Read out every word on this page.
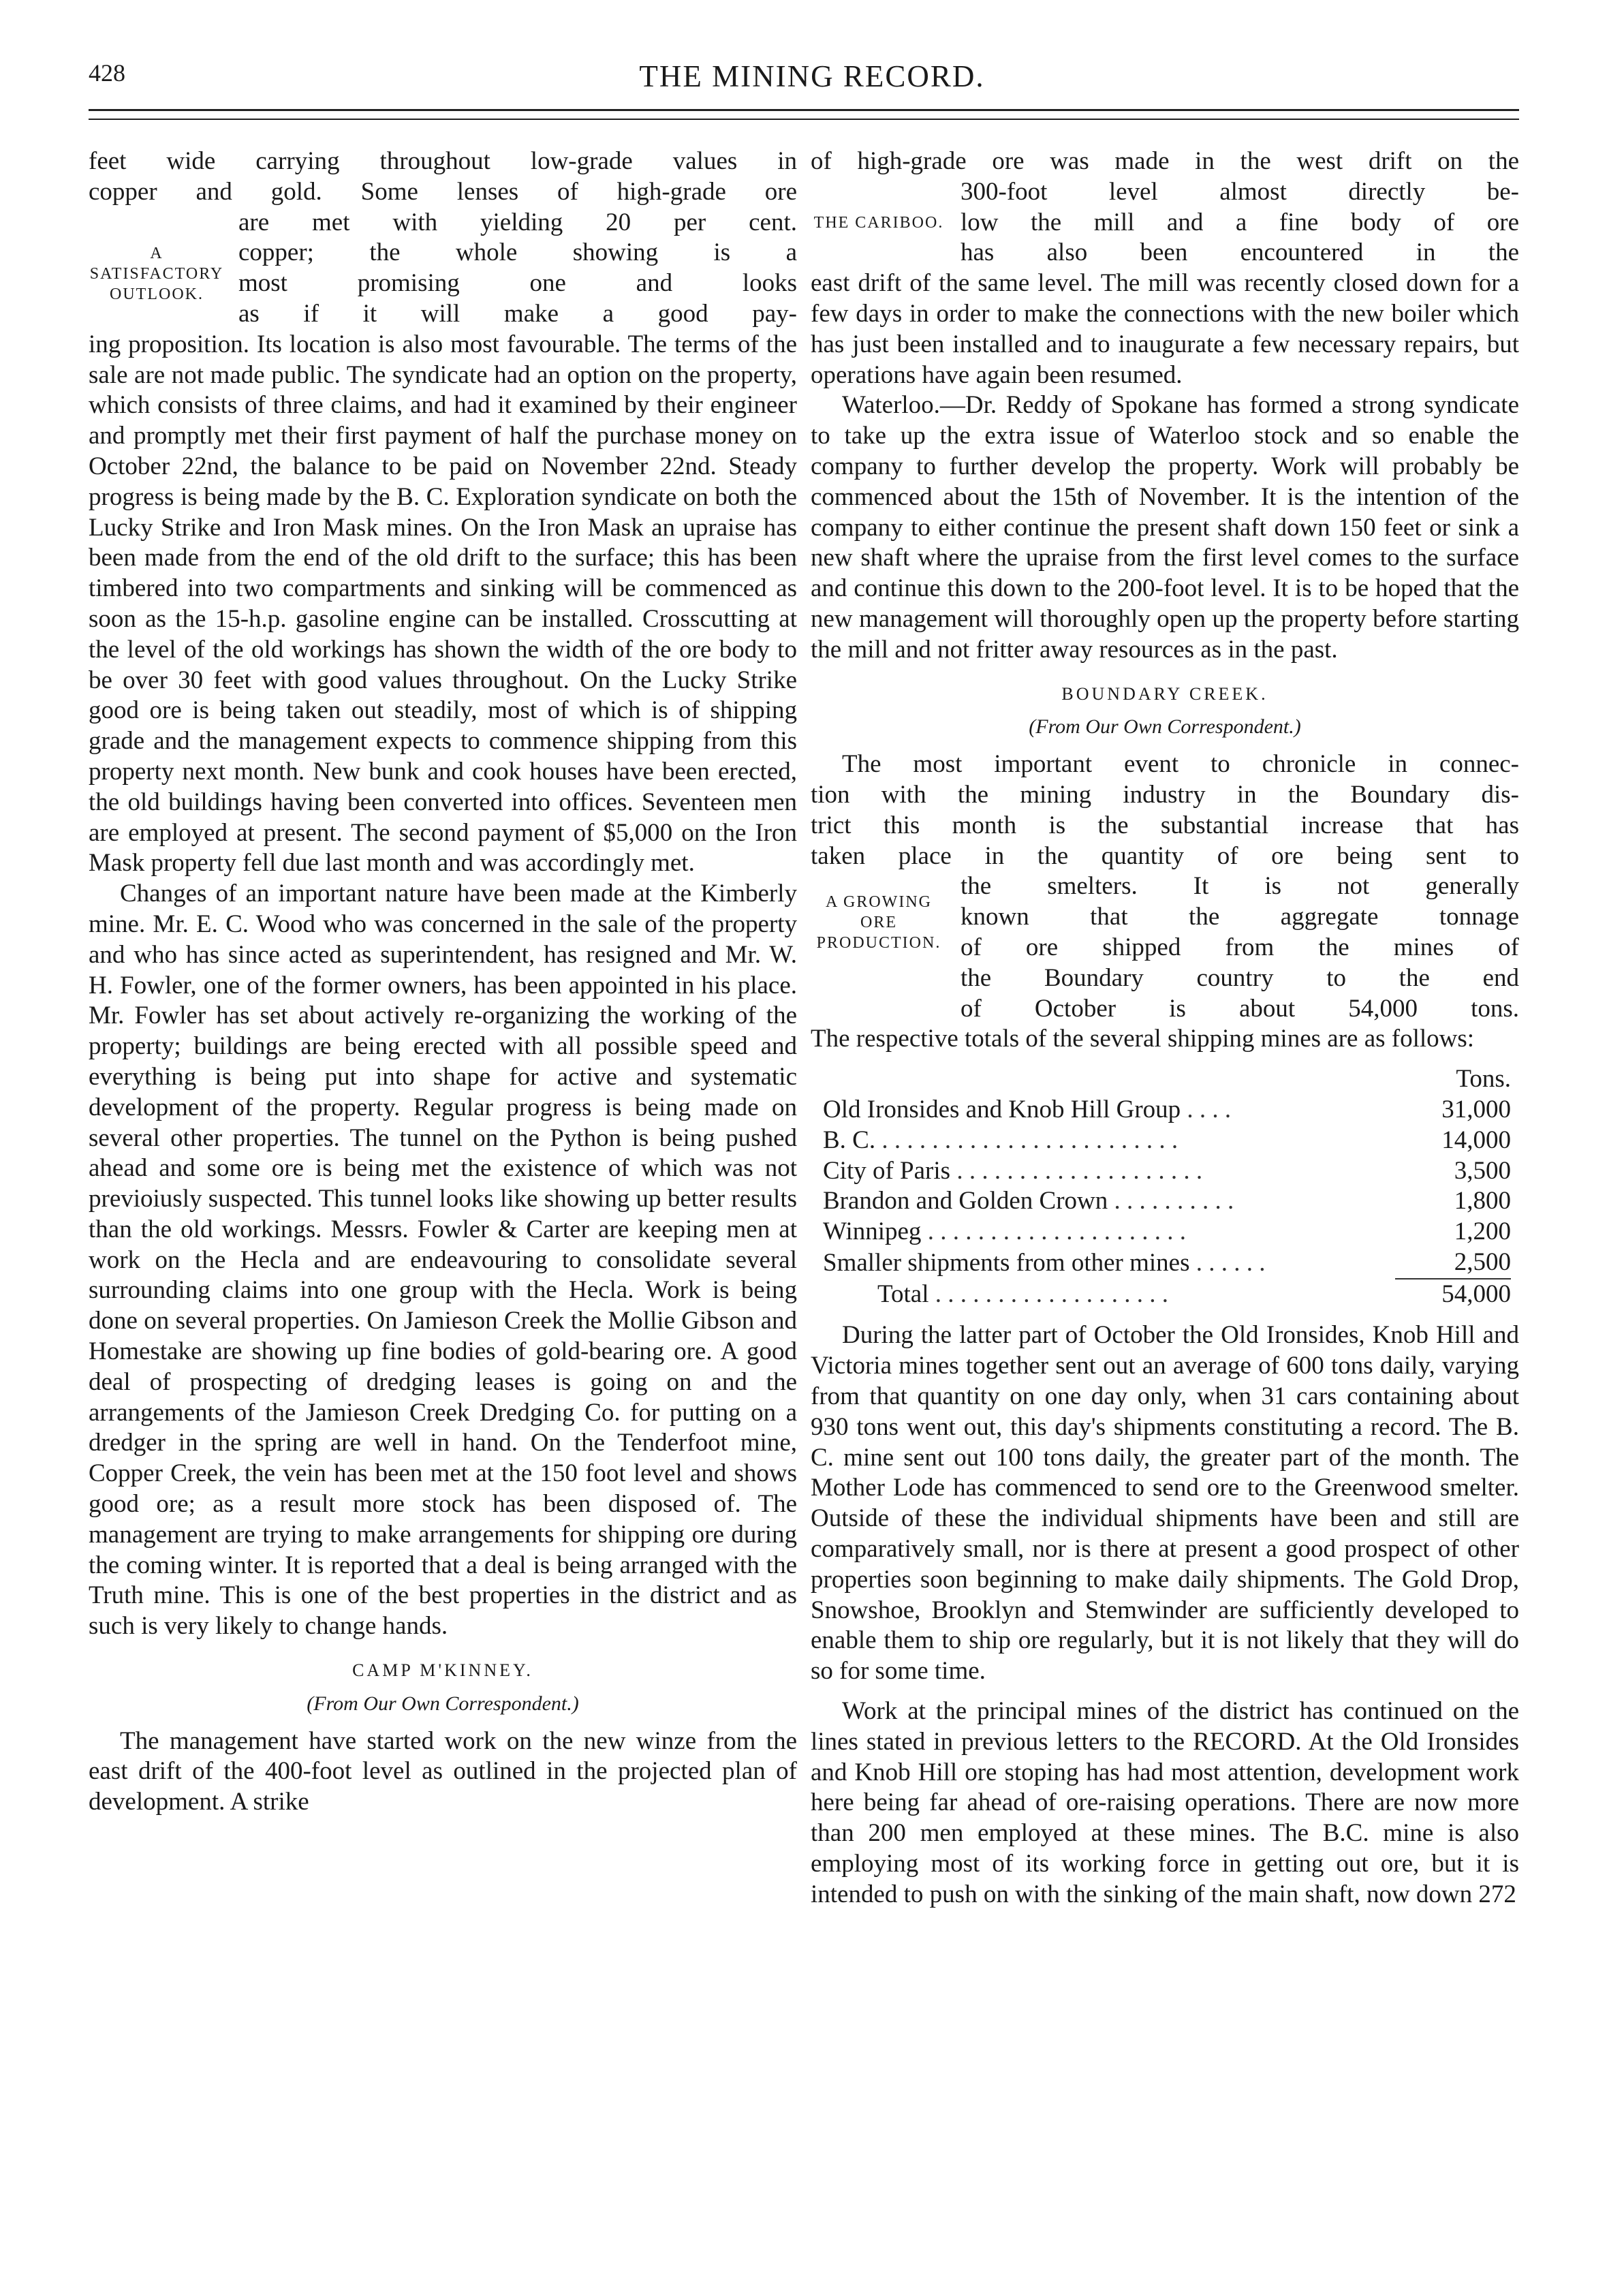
428	THE MINING RECORD.
feet wide carrying throughout low-grade values in
copper and gold. Some lenses of high-grade ore
A SATISFACTORY OUTLOOK.
are met with yielding 20 per cent.
copper; the whole showing is a
most promising one and looks
as if it will make a good pay-

ing proposition. Its location is also most favourable. The terms of the sale are not made public. The syndicate had an option on the property, which consists of three claims, and had it examined by their engineer and promptly met their first payment of half the purchase money on October 22nd, the balance to be paid on November 22nd. Steady progress is being made by the B. C. Exploration syndicate on both the Lucky Strike and Iron Mask mines. On the Iron Mask an upraise has been made from the end of the old drift to the surface; this has been timbered into two compartments and sinking will be commenced as soon as the 15-h.p. gasoline engine can be installed. Crosscutting at the level of the old workings has shown the width of the ore body to be over 30 feet with good values throughout. On the Lucky Strike good ore is being taken out steadily, most of which is of shipping grade and the management expects to commence shipping from this property next month. New bunk and cook houses have been erected, the old buildings having been converted into offices. Seventeen men are employed at present. The second payment of $5,000 on the Iron Mask property fell due last month and was accordingly met.

Changes of an important nature have been made at the Kimberly mine. Mr. E. C. Wood who was concerned in the sale of the property and who has since acted as superintendent, has resigned and Mr. W. H. Fowler, one of the former owners, has been appointed in his place. Mr. Fowler has set about actively re-organizing the working of the property; buildings are being erected with all possible speed and everything is being put into shape for active and systematic development of the property. Regular progress is being made on several other properties. The tunnel on the Python is being pushed ahead and some ore is being met the existence of which was not previoiusly suspected. This tunnel looks like showing up better results than the old workings. Messrs. Fowler & Carter are keeping men at work on the Hecla and are endeavouring to consolidate several surrounding claims into one group with the Hecla. Work is being done on several properties. On Jamieson Creek the Mollie Gibson and Homestake are showing up fine bodies of gold-bearing ore. A good deal of prospecting of dredging leases is going on and the arrangements of the Jamieson Creek Dredging Co. for putting on a dredger in the spring are well in hand. On the Tenderfoot mine, Copper Creek, the vein has been met at the 150 foot level and shows good ore; as a result more stock has been disposed of. The management are trying to make arrangements for shipping ore during the coming winter. It is reported that a deal is being arranged with the Truth mine. This is one of the best properties in the district and as such is very likely to change hands.

CAMP M'KINNEY.
(From Our Own Correspondent.)

The management have started work on the new winze from the east drift of the 400-foot level as outlined in the projected plan of development. A strike

of high-grade ore was made in the west drift on the
THE CARIBOO.
300-foot level almost directly be-
low the mill and a fine body of ore
has also been encountered in the

east drift of the same level. The mill was recently closed down for a few days in order to make the connections with the new boiler which has just been installed and to inaugurate a few necessary repairs, but operations have again been resumed.

Waterloo.—Dr. Reddy of Spokane has formed a strong syndicate to take up the extra issue of Waterloo stock and so enable the company to further develop the property. Work will probably be commenced about the 15th of November. It is the intention of the company to either continue the present shaft down 150 feet or sink a new shaft where the upraise from the first level comes to the surface and continue this down to the 200-foot level. It is to be hoped that the new management will thoroughly open up the property before starting the mill and not fritter away resources as in the past.

BOUNDARY CREEK.
(From Our Own Correspondent.)
The most important event to chronicle in connec-
tion with the mining industry in the Boundary dis-
trict this month is the substantial increase that has
taken place in the quantity of ore being sent to
A GROWING ORE PRODUCTION.
the smelters. It is not generally
known that the aggregate tonnage
of ore shipped from the mines of
the Boundary country to the end
of October is about 54,000 tons.

The respective totals of the several shipping mines are as follows:

Tons.	
Old Ironsides and Knob Hill Group . . . .	31,000
B. C. . . . . . . . . . . . . . . . . . . . . . . . .	14,000
City of Paris . . . . . . . . . . . . . . . . . . . .	3,500
Brandon and Golden Crown . . . . . . . . . .	1,800
Winnipeg . . . . . . . . . . . . . . . . . . . . .	1,200
Smaller shipments from other mines . . . . . .	2,500

Total . . . . . . . . . . . . . . . . . . .	54,000

During the latter part of October the Old Ironsides, Knob Hill and Victoria mines together sent out an average of 600 tons daily, varying from that quantity on one day only, when 31 cars containing about 930 tons went out, this day's shipments constituting a record. The B. C. mine sent out 100 tons daily, the greater part of the month. The Mother Lode has commenced to send ore to the Greenwood smelter. Outside of these the individual shipments have been and still are comparatively small, nor is there at present a good prospect of other properties soon beginning to make daily shipments. The Gold Drop, Snowshoe, Brooklyn and Stemwinder are sufficiently developed to enable them to ship ore regularly, but it is not likely that they will do so for some time.

Work at the principal mines of the district has continued on the lines stated in previous letters to the RECORD. At the Old Ironsides and Knob Hill ore stoping has had most attention, development work here being far ahead of ore-raising operations. There are now more than 200 men employed at these mines. The B.C. mine is also employing most of its working force in getting out ore, but it is intended to push on with the sinking of the main shaft, now down 272
